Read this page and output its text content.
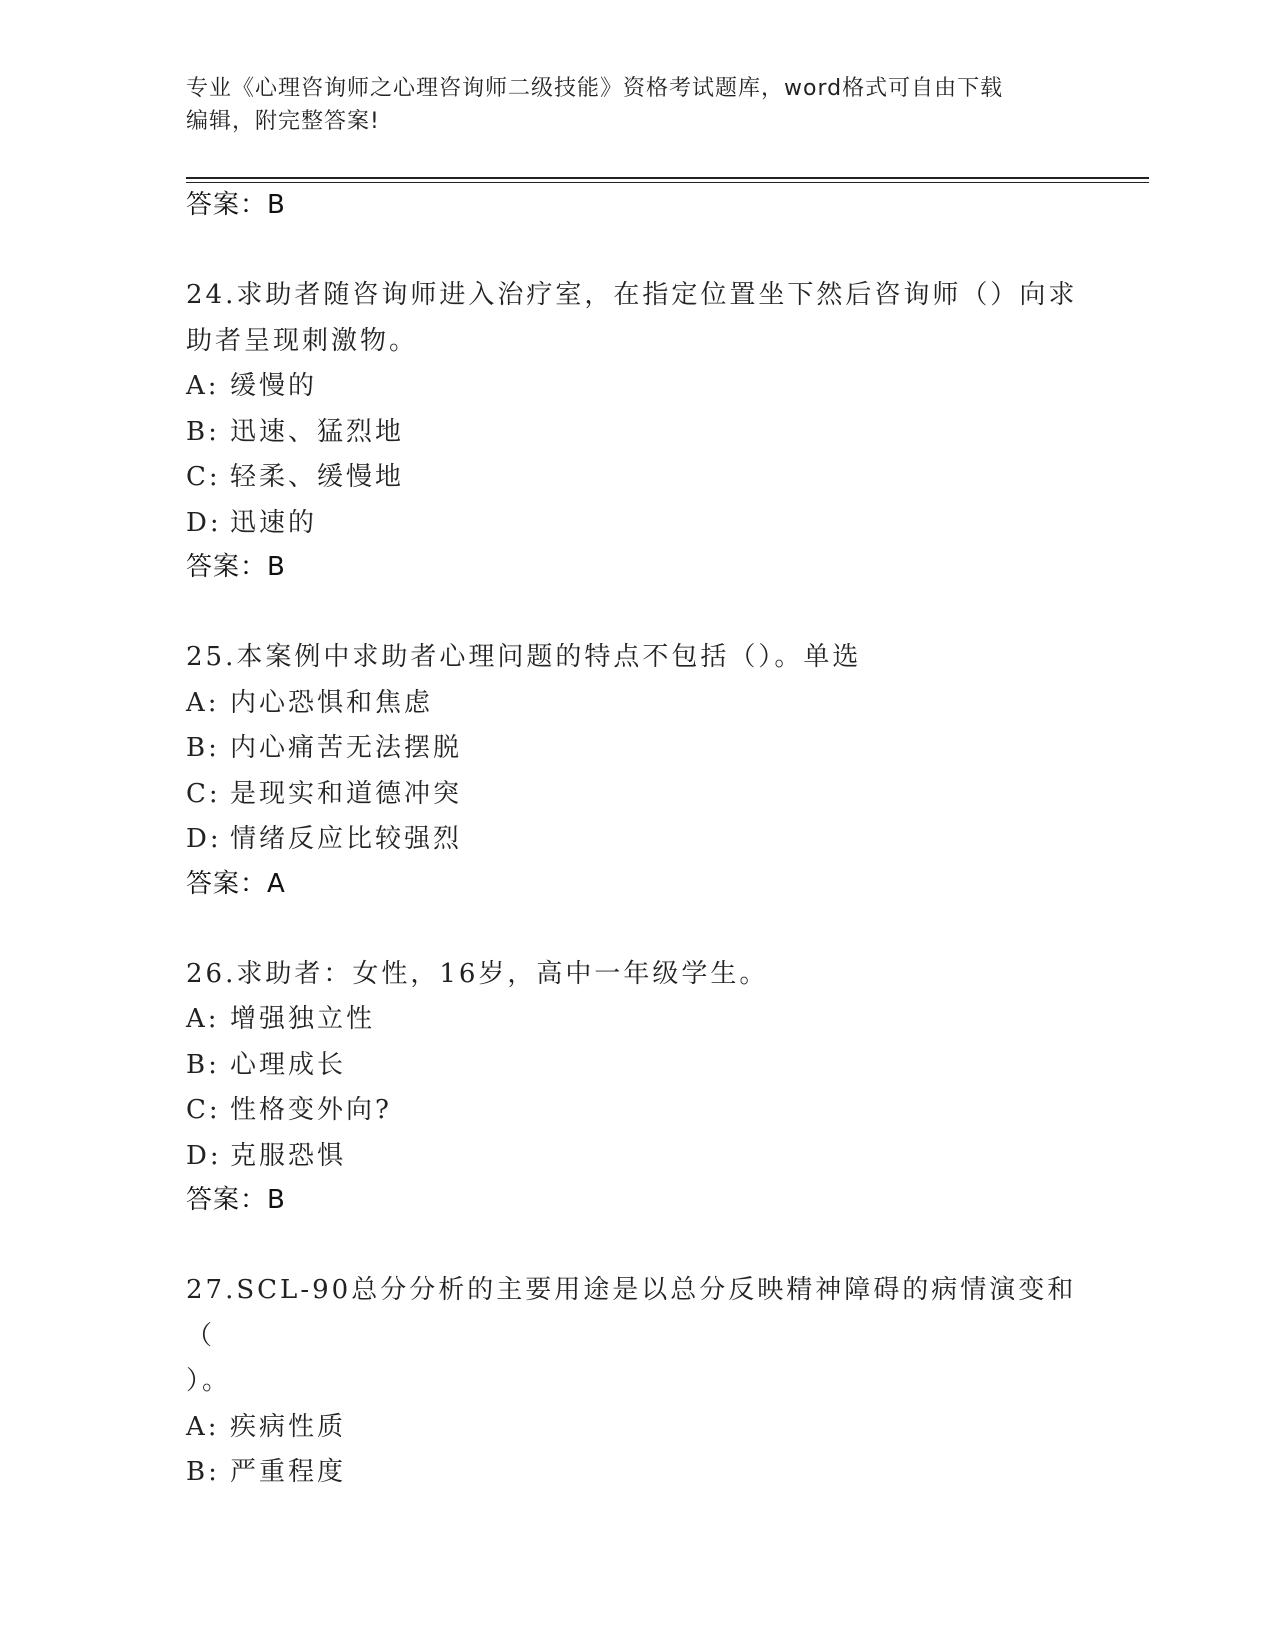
专业《心理咨询师之心理咨询师二级技能》资格考试题库，word格式可自由下载
编辑，附完整答案!
答案：B
24.求助者随咨询师进入治疗室，在指定位置坐下然后咨询师（）向求
助者呈现刺激物。
A: 缓慢的
B: 迅速、猛烈地
C: 轻柔、缓慢地
D: 迅速的
答案：B
25.本案例中求助者心理问题的特点不包括（）。单选
A: 内心恐惧和焦虑
B: 内心痛苦无法摆脱
C: 是现实和道德冲突
D: 情绪反应比较强烈
答案：A
26.求助者：女性，16岁，高中一年级学生。
A: 增强独立性
B: 心理成长
C: 性格变外向?
D: 克服恐惧
答案：B
27.SCL-90总分分析的主要用途是以总分反映精神障碍的病情演变和（
）。
A: 疾病性质
B: 严重程度
